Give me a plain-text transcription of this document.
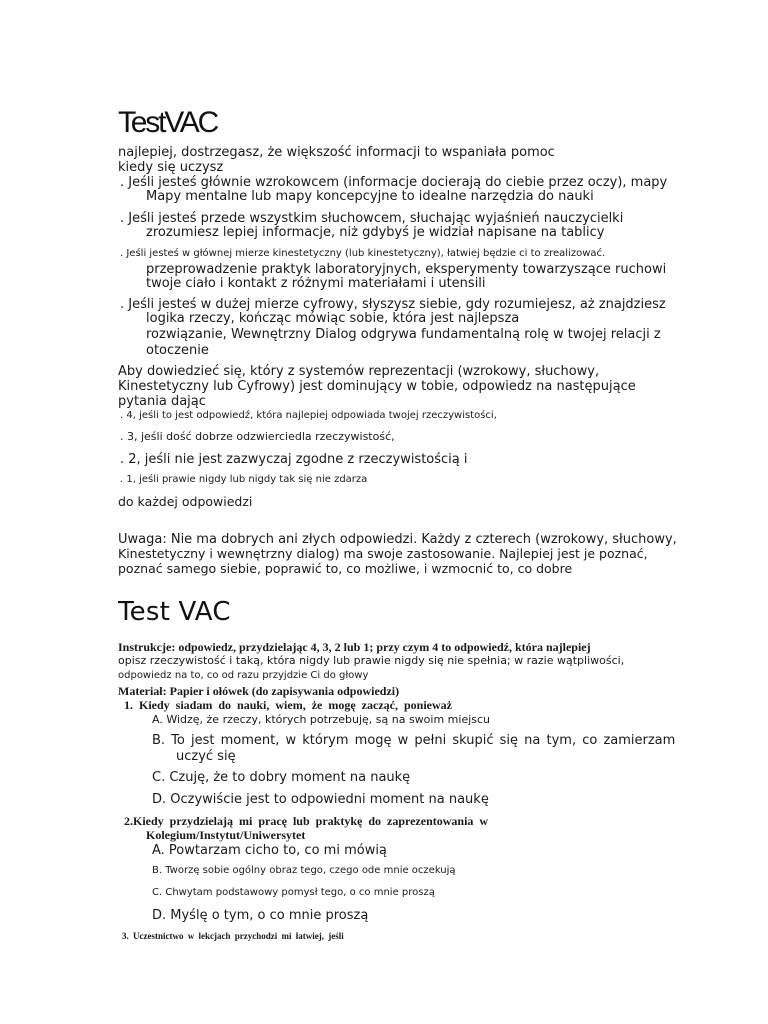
TestVAC
najlepiej, dostrzegasz, że większość informacji to wspaniała pomoc
kiedy się uczysz
. Jeśli jesteś głównie wzrokowcem (informacje docierają do ciebie przez oczy), mapy
Mapy mentalne lub mapy koncepcyjne to idealne narzędzia do nauki
. Jeśli jesteś przede wszystkim słuchowcem, słuchając wyjaśnień nauczycielki
zrozumiesz lepiej informacje, niż gdybyś je widział napisane na tablicy
. Jeśli jesteś w głównej mierze kinestetyczny (lub kinestetyczny), łatwiej będzie ci to zrealizować.
przeprowadzenie praktyk laboratoryjnych, eksperymenty towarzyszące ruchowi
twoje ciało i kontakt z różnymi materiałami i utensili
. Jeśli jesteś w dużej mierze cyfrowy, słyszysz siebie, gdy rozumiejesz, aż znajdziesz
logika rzeczy, kończąc mówiąc sobie, która jest najlepsza
rozwiązanie, Wewnętrzny Dialog odgrywa fundamentalną rolę w twojej relacji z
otoczenie
Aby dowiedzieć się, który z systemów reprezentacji (wzrokowy, słuchowy,
Kinestetyczny lub Cyfrowy) jest dominujący w tobie, odpowiedz na następujące
pytania dając
. 4, jeśli to jest odpowiedź, która najlepiej odpowiada twojej rzeczywistości,
. 3, jeśli dość dobrze odzwierciedla rzeczywistość,
. 2, jeśli nie jest zazwyczaj zgodne z rzeczywistością i
. 1, jeśli prawie nigdy lub nigdy tak się nie zdarza
do każdej odpowiedzi
Uwaga: Nie ma dobrych ani złych odpowiedzi. Każdy z czterech (wzrokowy, słuchowy,
Kinestetyczny i wewnętrzny dialog) ma swoje zastosowanie. Najlepiej jest je poznać,
poznać samego siebie, poprawić to, co możliwe, i wzmocnić to, co dobre
Test VAC
Instrukcje: odpowiedz, przydzielając 4, 3, 2 lub 1; przy czym 4 to odpowiedź, która najlepiej
opisz rzeczywistość i taką, która nigdy lub prawie nigdy się nie spełnia; w razie wątpliwości,
odpowiedz na to, co od razu przyjdzie Ci do głowy
Materiał: Papier i ołówek (do zapisywania odpowiedzi)
1. Kiedy siadam do nauki, wiem, że mogę zacząć, ponieważ
A. Widzę, że rzeczy, których potrzebuję, są na swoim miejscu
B. To jest moment, w którym mogę w pełni skupić się na tym, co zamierzam
uczyć się
C. Czuję, że to dobry moment na naukę
D. Oczywiście jest to odpowiedni moment na naukę
2.Kiedy przydzielają mi pracę lub praktykę do zaprezentowania w
Kolegium/Instytut/Uniwersytet
A. Powtarzam cicho to, co mi mówią
B. Tworzę sobie ogólny obraz tego, czego ode mnie oczekują
C. Chwytam podstawowy pomysł tego, o co mnie proszą
D. Myślę o tym, o co mnie proszą
3. Uczestnictwo w lekcjach przychodzi mi łatwiej, jeśli
